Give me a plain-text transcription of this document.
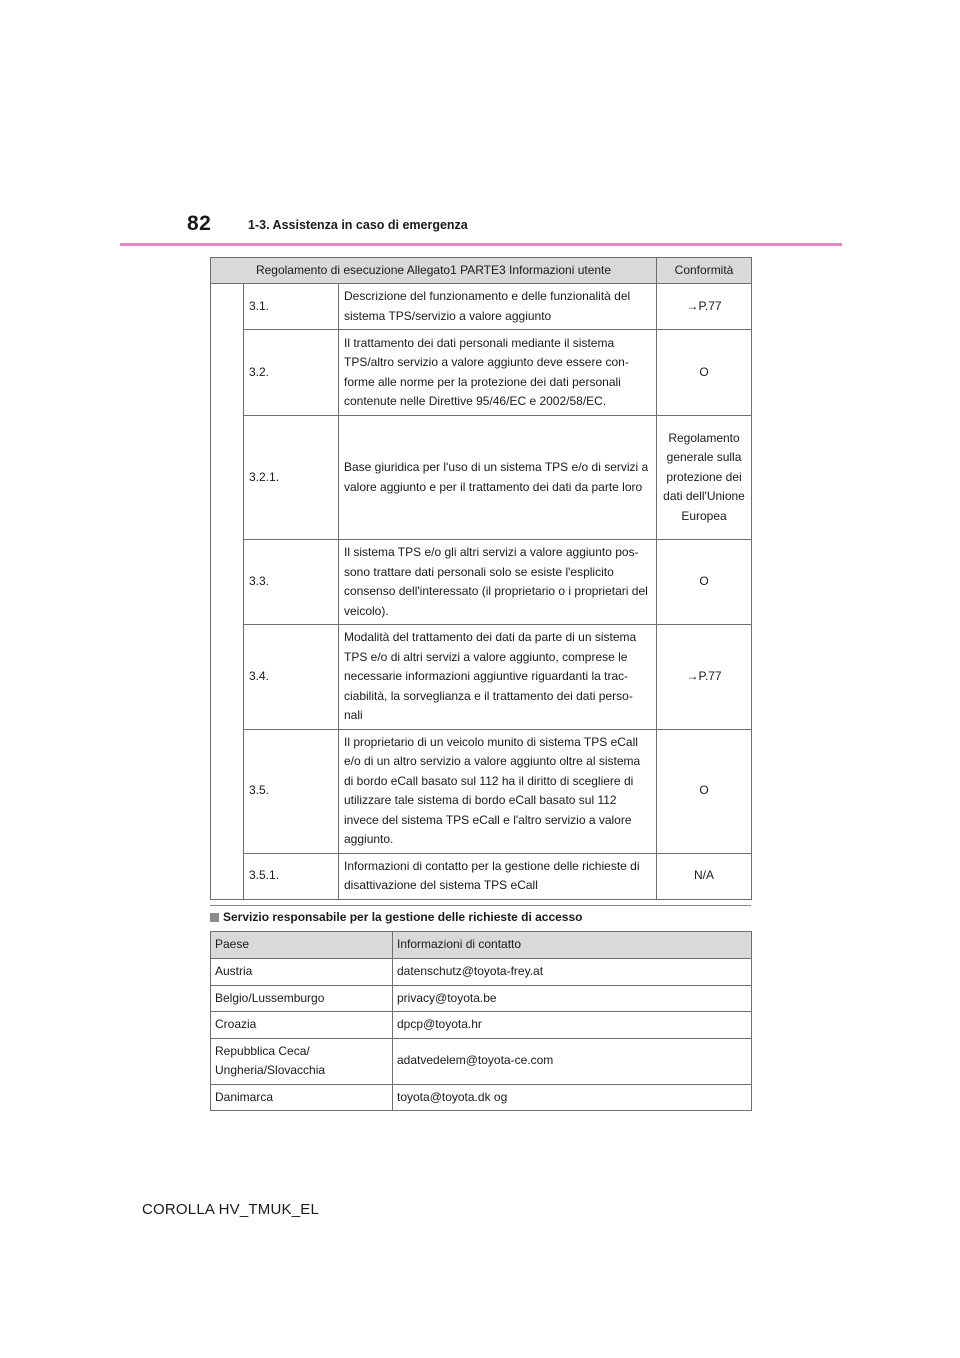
82	1-3. Assistenza in caso di emergenza
Regolamento di esecuzione Allegato1 PARTE3 Informazioni utente			Conformità
	3.1.	Descrizione del funzionamento e delle funzionalità del sistema TPS/servizio a valore aggiunto	→P.77
	3.2.	Il trattamento dei dati personali mediante il sistema TPS/altro servizio a valore aggiunto deve essere con-forme alle norme per la protezione dei dati personali contenute nelle Direttive 95/46/EC e 2002/58/EC.	O
	3.2.1.	Base giuridica per l'uso di un sistema TPS e/o di servizi a valore aggiunto e per il trattamento dei dati da parte loro	Regolamento generale sulla protezione dei dati dell'Unione Europea
	3.3.	Il sistema TPS e/o gli altri servizi a valore aggiunto pos-sono trattare dati personali solo se esiste l'esplicito consenso dell'interessato (il proprietario o i proprietari del veicolo).	O
	3.4.	Modalità del trattamento dei dati da parte di un sistema TPS e/o di altri servizi a valore aggiunto, comprese le necessarie informazioni aggiuntive riguardanti la trac-ciabilità, la sorveglianza e il trattamento dei dati perso-nali	→P.77
	3.5.	Il proprietario di un veicolo munito di sistema TPS eCall e/o di un altro servizio a valore aggiunto oltre al sistema di bordo eCall basato sul 112 ha il diritto di scegliere di utilizzare tale sistema di bordo eCall basato sul 112 invece del sistema TPS eCall e l'altro servizio a valore aggiunto.	O
	3.5.1.	Informazioni di contatto per la gestione delle richieste di disattivazione del sistema TPS eCall	N/A
Servizio responsabile per la gestione delle richieste di accesso
Paese	Informazioni di contatto
Austria	datenschutz@toyota-frey.at
Belgio/Lussemburgo	privacy@toyota.be
Croazia	dpcp@toyota.hr
Repubblica Ceca/ Ungheria/Slovacchia	adatvedelem@toyota-ce.com
Danimarca	toyota@toyota.dk og
COROLLA HV_TMUK_EL
